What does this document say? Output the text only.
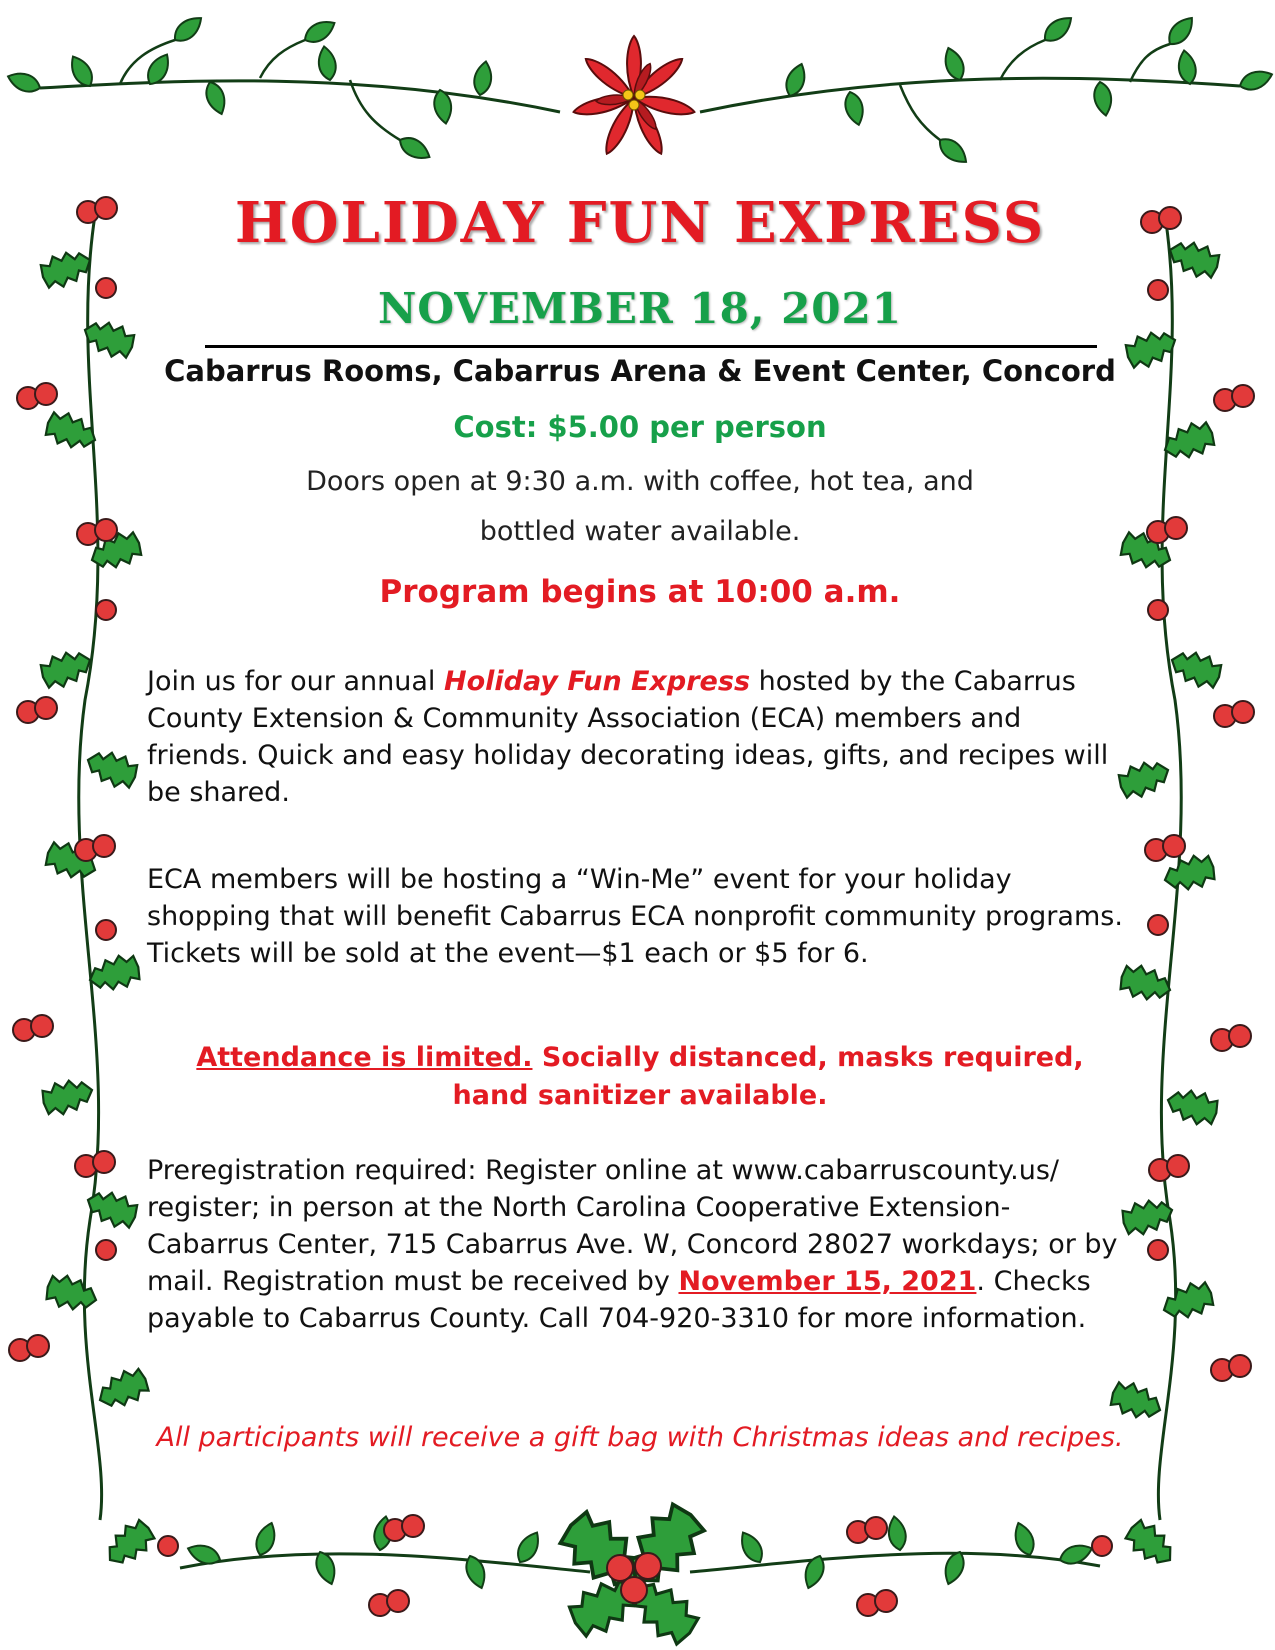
HOLIDAY FUN EXPRESS
NOVEMBER 18, 2021
Cabarrus Rooms, Cabarrus Arena & Event Center, Concord
Cost: $5.00 per person
Doors open at 9:30 a.m. with coffee, hot tea, and
bottled water available.
Program begins at 10:00 a.m.
Join us for our annual Holiday Fun Express hosted by the Cabarrus County Extension & Community Association (ECA) members and friends. Quick and easy holiday decorating ideas, gifts, and recipes will be shared.
ECA members will be hosting a “Win-Me” event for your holiday shopping that will benefit Cabarrus ECA nonprofit community programs. Tickets will be sold at the event—$1 each or $5 for 6.
Attendance is limited. Socially distanced, masks required, hand sanitizer available.
Preregistration required: Register online at www.cabarruscounty.us/ register; in person at the North Carolina Cooperative Extension- Cabarrus Center, 715 Cabarrus Ave. W, Concord 28027 workdays; or by mail. Registration must be received by November 15, 2021. Checks payable to Cabarrus County. Call 704-920-3310 for more information.
All participants will receive a gift bag with Christmas ideas and recipes.
